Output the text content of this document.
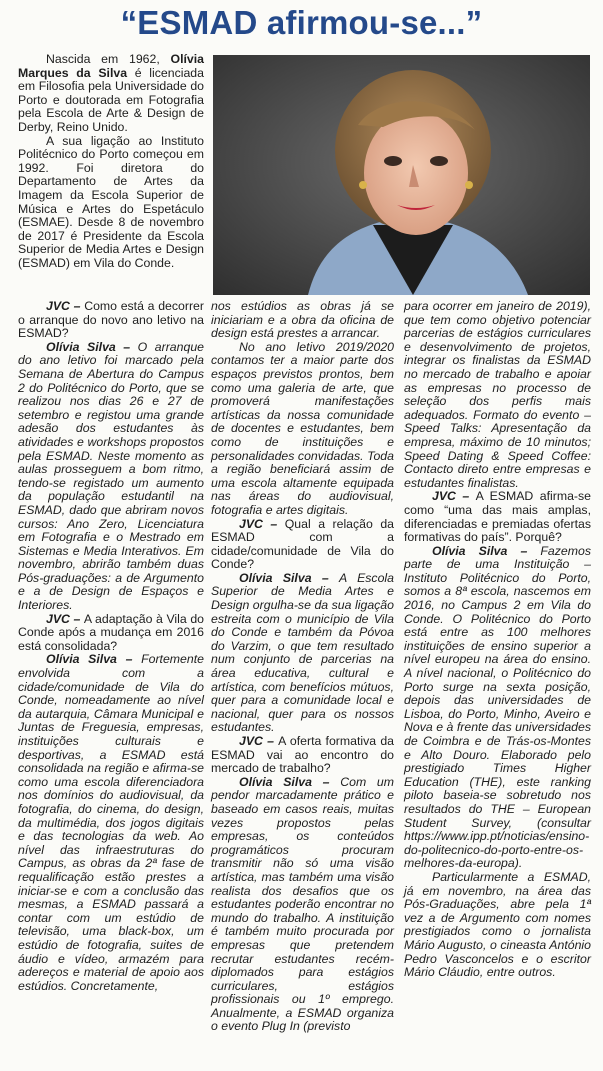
“ESMAD afirmou-se...”

Nascida em 1962, Olívia Marques da Silva é licenciada em Filosofia pela Universidade do Porto e doutorada em Fotografia pela Escola de Arte & Design de Derby, Reino Unido.

A sua ligação ao Instituto Politécnico do Porto começou em 1992. Foi diretora do Departamento de Artes da Imagem da Escola Superior de Música e Artes do Espetáculo (ESMAE). Desde 8 de novembro de 2017 é Presidente da Escola Superior de Media Artes e Design (ESMAD) em Vila do Conde.

JVC – Como está a decorrer o arranque do novo ano letivo na ESMAD?

Olívia Silva – O arranque do ano letivo foi marcado pela Semana de Abertura do Campus 2 do Politécnico do Porto, que se realizou nos dias 26 e 27 de setembro e registou uma grande adesão dos estudantes às atividades e workshops propostos pela ESMAD. Neste momento as aulas prosseguem a bom ritmo, tendo-se registado um aumento da população estudantil na ESMAD, dado que abriram novos cursos: Ano Zero, Licenciatura em Fotografia e o Mestrado em Sistemas e Media Interativos. Em novembro, abrirão também duas Pós-graduações: a de Argumento e a de Design de Espaços e Interiores.

JVC – A adaptação à Vila do Conde após a mudança em 2016 está consolidada?

Olívia Silva – Fortemente envolvida com a cidade/comunidade de Vila do Conde, nomeadamente ao nível da autarquia, Câmara Municipal e Juntas de Freguesia, empresas, instituições culturais e desportivas, a ESMAD está consolidada na região e afirma-se como uma escola diferenciadora nos domínios do audiovisual, da fotografia, do cinema, do design, da multimédia, dos jogos digitais e das tecnologias da web. Ao nível das infraestruturas do Campus, as obras da 2ª fase de requalificação estão prestes a iniciar-se e com a conclusão das mesmas, a ESMAD passará a contar com um estúdio de televisão, uma black-box, um estúdio de fotografia, suites de áudio e vídeo, armazém para adereços e material de apoio aos estúdios. Concretamente,

nos estúdios as obras já se iniciariam e a obra da oficina de design está prestes a arrancar.

No ano letivo 2019/2020 contamos ter a maior parte dos espaços previstos prontos, bem como uma galeria de arte, que promoverá manifestações artísticas da nossa comunidade de docentes e estudantes, bem como de instituições e personalidades convidadas. Toda a região beneficiará assim de uma escola altamente equipada nas áreas do audiovisual, fotografia e artes digitais.

JVC – Qual a relação da ESMAD com a cidade/comunidade de Vila do Conde?

Olívia Silva – A Escola Superior de Media Artes e Design orgulha-se da sua ligação estreita com o município de Vila do Conde e também da Póvoa do Varzim, o que tem resultado num conjunto de parcerias na área educativa, cultural e artística, com benefícios mútuos, quer para a comunidade local e nacional, quer para os nossos estudantes.

JVC – A oferta formativa da ESMAD vai ao encontro do mercado de trabalho?

Olívia Silva – Com um pendor marcadamente prático e baseado em casos reais, muitas vezes propostos pelas empresas, os conteúdos programáticos procuram transmitir não só uma visão artística, mas também uma visão realista dos desafios que os estudantes poderão encontrar no mundo do trabalho. A instituição é também muito procurada por empresas que pretendem recrutar estudantes recém-diplomados para estágios curriculares, estágios profissionais ou 1º emprego. Anualmente, a ESMAD organiza o evento Plug In (previsto

para ocorrer em janeiro de 2019), que tem como objetivo potenciar parcerias de estágios curriculares e desenvolvimento de projetos, integrar os finalistas da ESMAD no mercado de trabalho e apoiar as empresas no processo de seleção dos perfis mais adequados. Formato do evento – Speed Talks: Apresentação da empresa, máximo de 10 minutos; Speed Dating & Speed Coffee: Contacto direto entre empresas e estudantes finalistas.

JVC – A ESMAD afirma-se como “uma das mais amplas, diferenciadas e premiadas ofertas formativas do país”. Porquê?

Olívia Silva – Fazemos parte de uma Instituição – Instituto Politécnico do Porto, somos a 8ª escola, nascemos em 2016, no Campus 2 em Vila do Conde. O Politécnico do Porto está entre as 100 melhores instituições de ensino superior a nível europeu na área do ensino. A nível nacional, o Politécnico do Porto surge na sexta posição, depois das universidades de Lisboa, do Porto, Minho, Aveiro e Nova e à frente das universidades de Coimbra e de Trás-os-Montes e Alto Douro. Elaborado pelo prestigiado Times Higher Education (THE), este ranking piloto baseia-se sobretudo nos resultados do THE – European Student Survey, (consultar https://www.ipp.pt/noticias/ensino-do-politecnico-do-porto-entre-os-melhores-da-europa).

Particularmente a ESMAD, já em novembro, na área das Pós-Graduações, abre pela 1ª vez a de Argumento com nomes prestigiados como o jornalista Mário Augusto, o cineasta António Pedro Vasconcelos e o escritor Mário Cláudio, entre outros.
